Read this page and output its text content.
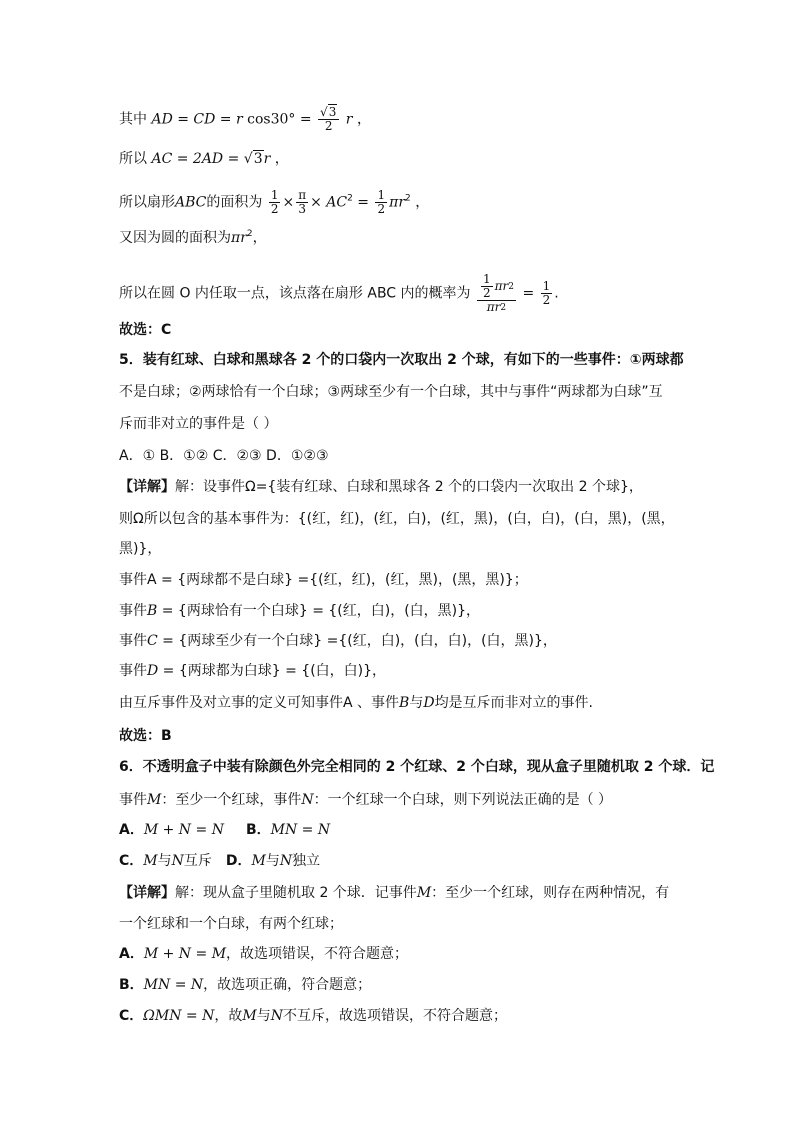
其中 AD = CD = r $\cos 30^\circ = \frac{√3}{2}$ r ，
所以 AC = 2AD = √3r ，
所以扇形ABC的面积为 $\frac{1}{2} \times \frac{\pi}{3} \times AC^2 = \frac{1}{2} \pi r^2$ ，
又因为圆的面积为$\pi r^2$，
所以在圆 O 内任取一点，该点落在扇形 ABC 内的概率为 $\frac{\frac{1}{2} \pi r 2}{\pi r 2} = \frac{1}{2}$ .
故选：C
5．装有红球、白球和黑球各 2 个的口袋内一次取出 2 个球，有如下的一些事件：①两球都
不是白球；②两球恰有一个白球；③两球至少有一个白球，其中与事件“两球都为白球”互
斥而非对立的事件是（ ）
A．① B．①② C．②③ D．①②③
【详解】解：设事件Ω={装有红球、白球和黑球各 2 个的口袋内一次取出 2 个球}，
则Ω所以包含的基本事件为：{(红，红)，(红，白)，(红，黑)，(白，白)，(白，黑)，(黑，
黑)}，
事件A = {两球都不是白球} ={(红，红)，(红，黑)，(黑，黑)}；
事件B = {两球恰有一个白球} = {(红，白)，(白，黑)}，
事件C = {两球至少有一个白球} ={(红，白)，(白，白)，(白，黑)}，
事件D = {两球都为白球} = {(白，白)}，
由互斥事件及对立事的定义可知事件A 、事件B与D均是互斥而非对立的事件.
故选：B
6．不透明盒子中装有除颜色外完全相同的 2 个红球、2 个白球，现从盒子里随机取 2 个球．记
事件M：至少一个红球，事件N：一个红球一个白球，则下列说法正确的是（ ）
A．M + N = N B．MN = N
C．M与N互斥 D．M与N独立
【详解】解：现从盒子里随机取 2 个球．记事件M：至少一个红球，则存在两种情况，有
一个红球和一个白球，有两个红球；
A．M + N = M，故选项错误，不符合题意；
B．MN = N，故选项正确，符合题意；
C．ΩMN = N，故M与N不互斥，故选项错误，不符合题意；
